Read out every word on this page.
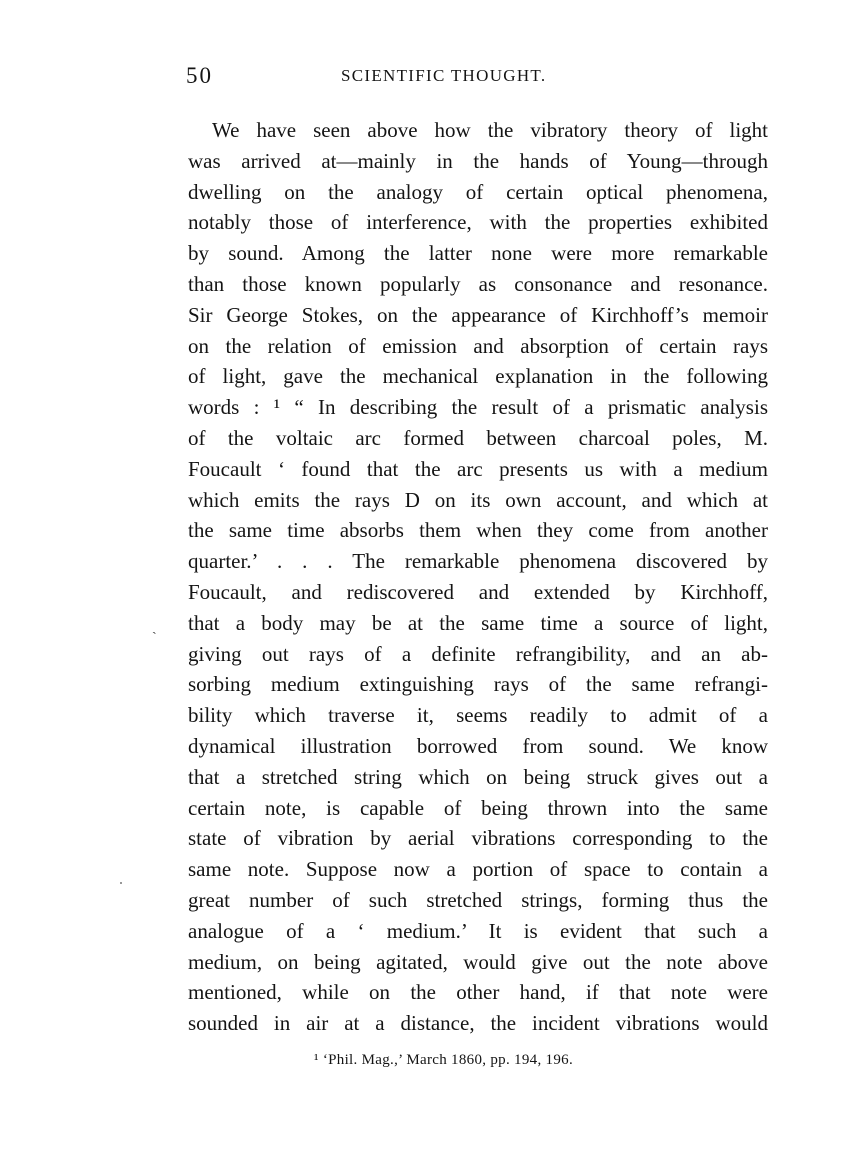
50	SCIENTIFIC THOUGHT.
We have seen above how the vibratory theory of light
was arrived at—mainly in the hands of Young—through
dwelling on the analogy of certain optical phenomena,
notably those of interference, with the properties exhibited
by sound. Among the latter none were more remarkable
than those known popularly as consonance and resonance.
Sir George Stokes, on the appearance of Kirchhoff’s memoir
on the relation of emission and absorption of certain rays
of light, gave the mechanical explanation in the following
words : ¹ “ In describing the result of a prismatic analysis
of the voltaic arc formed between charcoal poles, M.
Foucault ‘ found that the arc presents us with a medium
which emits the rays D on its own account, and which at
the same time absorbs them when they come from another
quarter.’ . . . The remarkable phenomena discovered by
Foucault, and rediscovered and extended by Kirchhoff,
that a body may be at the same time a source of light,
giving out rays of a definite refrangibility, and an ab-
sorbing medium extinguishing rays of the same refrangi-
bility which traverse it, seems readily to admit of a
dynamical illustration borrowed from sound. We know
that a stretched string which on being struck gives out a
certain note, is capable of being thrown into the same
state of vibration by aerial vibrations corresponding to the
same note. Suppose now a portion of space to contain a
great number of such stretched strings, forming thus the
analogue of a ‘ medium.’ It is evident that such a
medium, on being agitated, would give out the note above
mentioned, while on the other hand, if that note were
sounded in air at a distance, the incident vibrations would
¹ ‘Phil. Mag.,’ March 1860, pp. 194, 196.
ˎ
